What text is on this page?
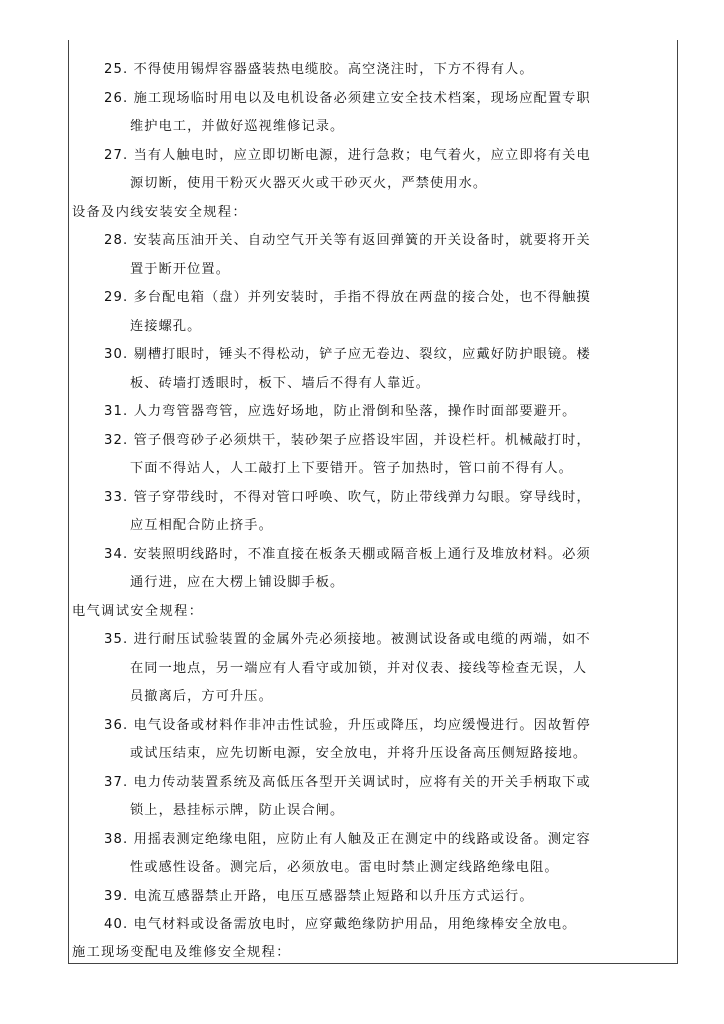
25. 不得使用锡焊容器盛装热电缆胶。高空浇注时，下方不得有人。
26. 施工现场临时用电以及电机设备必须建立安全技术档案，现场应配置专职
维护电工，并做好巡视维修记录。
27. 当有人触电时，应立即切断电源，进行急救；电气着火，应立即将有关电
源切断，使用干粉灭火器灭火或干砂灭火，严禁使用水。
设备及内线安装安全规程：
28. 安装高压油开关、自动空气开关等有返回弹簧的开关设备时，就要将开关
置于断开位置。
29. 多台配电箱（盘）并列安装时，手指不得放在两盘的接合处，也不得触摸
连接螺孔。
30. 剔槽打眼时，锤头不得松动，铲子应无卷边、裂纹，应戴好防护眼镜。楼
板、砖墙打透眼时，板下、墙后不得有人靠近。
31. 人力弯管器弯管，应选好场地，防止滑倒和坠落，操作时面部要避开。
32. 管子偎弯砂子必须烘干，装砂架子应搭设牢固，并设栏杆。机械敲打时，
下面不得站人，人工敲打上下要错开。管子加热时，管口前不得有人。
33. 管子穿带线时，不得对管口呼唤、吹气，防止带线弹力勾眼。穿导线时，
应互相配合防止挤手。
34. 安装照明线路时，不准直接在板条天棚或隔音板上通行及堆放材料。必须
通行进，应在大楞上铺设脚手板。
电气调试安全规程：
35. 进行耐压试验装置的金属外壳必须接地。被测试设备或电缆的两端，如不
在同一地点，另一端应有人看守或加锁，并对仪表、接线等检查无误，人
员撤离后，方可升压。
36. 电气设备或材料作非冲击性试验，升压或降压，均应缓慢进行。因故暂停
或试压结束，应先切断电源，安全放电，并将升压设备高压侧短路接地。
37. 电力传动装置系统及高低压各型开关调试时，应将有关的开关手柄取下或
锁上，悬挂标示牌，防止误合闸。
38. 用摇表测定绝缘电阻，应防止有人触及正在测定中的线路或设备。测定容
性或感性设备。测完后，必须放电。雷电时禁止测定线路绝缘电阻。
39. 电流互感器禁止开路，电压互感器禁止短路和以升压方式运行。
40. 电气材料或设备需放电时，应穿戴绝缘防护用品，用绝缘棒安全放电。
施工现场变配电及维修安全规程：
